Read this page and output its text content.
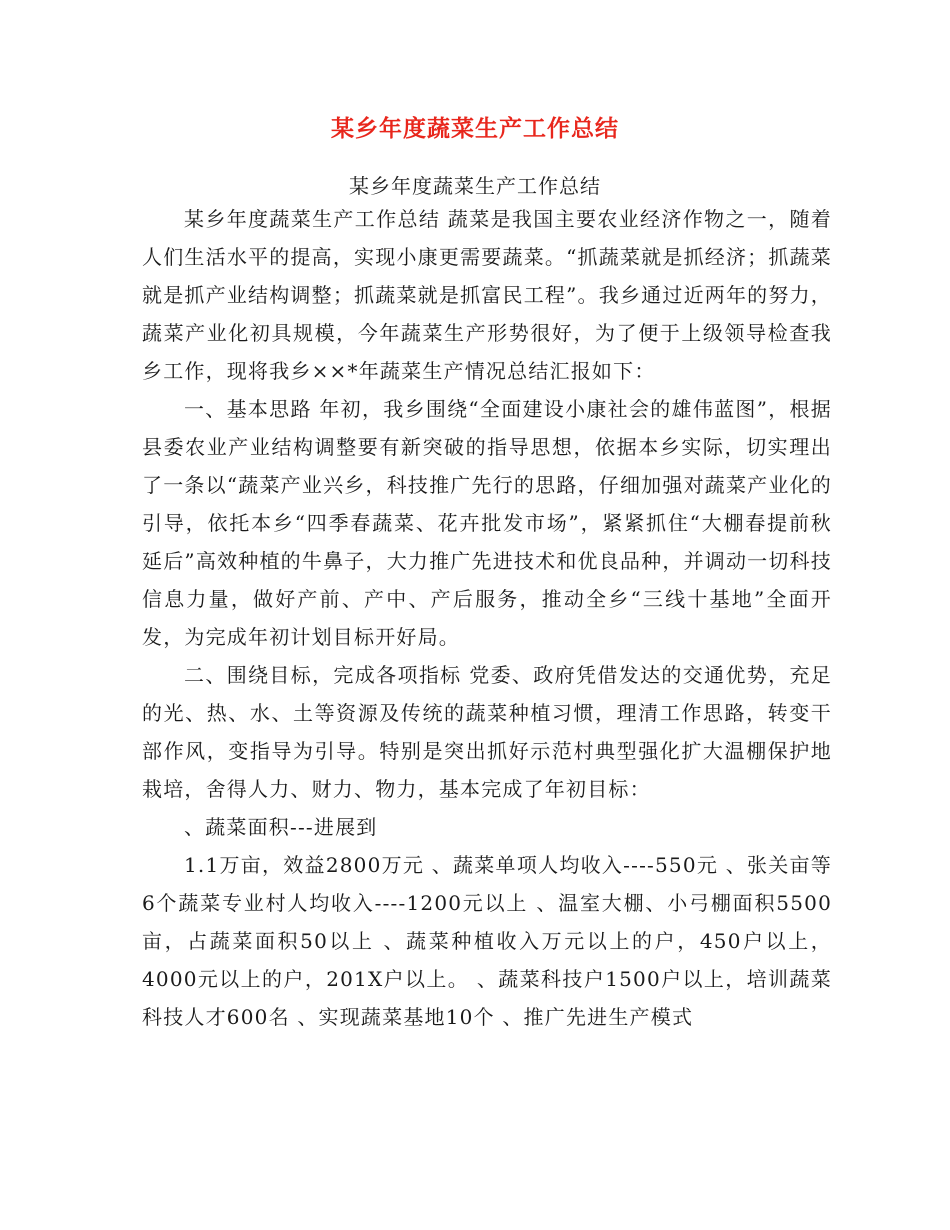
某乡年度蔬菜生产工作总结
某乡年度蔬菜生产工作总结

某乡年度蔬菜生产工作总结 蔬菜是我国主要农业经济作物之一，随着人们生活水平的提高，实现小康更需要蔬菜。“抓蔬菜就是抓经济；抓蔬菜就是抓产业结构调整；抓蔬菜就是抓富民工程”。我乡通过近两年的努力，蔬菜产业化初具规模，今年蔬菜生产形势很好，为了便于上级领导检查我乡工作，现将我乡××*年蔬菜生产情况总结汇报如下：

一、基本思路 年初，我乡围绕“全面建设小康社会的雄伟蓝图”，根据县委农业产业结构调整要有新突破的指导思想，依据本乡实际，切实理出了一条以“蔬菜产业兴乡，科技推广先行的思路，仔细加强对蔬菜产业化的引导，依托本乡“四季春蔬菜、花卉批发市场”，紧紧抓住“大棚春提前秋延后”高效种植的牛鼻子，大力推广先进技术和优良品种，并调动一切科技信息力量，做好产前、产中、产后服务，推动全乡“三线十基地”全面开发，为完成年初计划目标开好局。

二、围绕目标，完成各项指标 党委、政府凭借发达的交通优势，充足的光、热、水、土等资源及传统的蔬菜种植习惯，理清工作思路，转变干部作风，变指导为引导。特别是突出抓好示范村典型强化扩大温棚保护地栽培，舍得人力、财力、物力，基本完成了年初目标：

、蔬菜面积---进展到

1.1万亩，效益2800万元 、蔬菜单项人均收入----550元 、张关亩等6个蔬菜专业村人均收入----1200元以上 、温室大棚、小弓棚面积5500亩，占蔬菜面积50以上 、蔬菜种植收入万元以上的户，450户以上，4000元以上的户，201X户以上。 、蔬菜科技户1500户以上，培训蔬菜科技人才600名 、实现蔬菜基地10个 、推广先进生产模式
